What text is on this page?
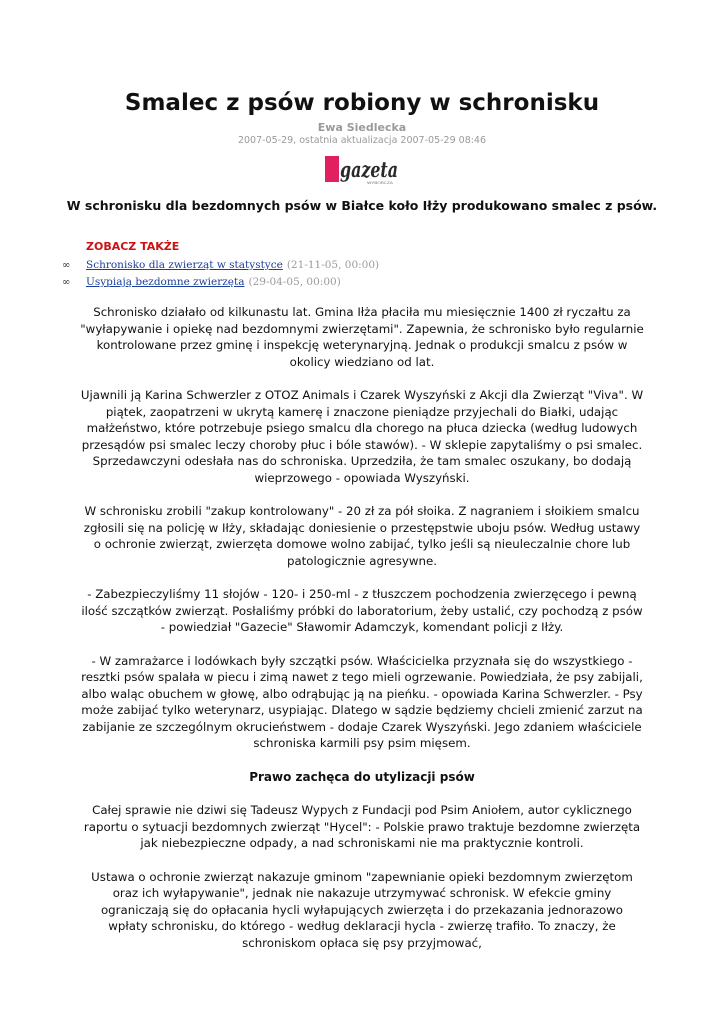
Smalec z psów robiony w schronisku
Ewa Siedlecka
2007-05-29, ostatnia aktualizacja 2007-05-29 08:46
gazeta
WYBORCZA
W schronisku dla bezdomnych psów w Białce koło Iłży produkowano smalec z psów.
ZOBACZ TAKŻE
∞ Schronisko dla zwierząt w statystyce (21-11-05, 00:00)
∞ Usypiają bezdomne zwierzęta (29-04-05, 00:00)

Schronisko działało od kilkunastu lat. Gmina Iłża płaciła mu miesięcznie 1400 zł ryczałtu za "wyłapywanie i opiekę nad bezdomnymi zwierzętami". Zapewnia, że schronisko było regularnie kontrolowane przez gminę i inspekcję weterynaryjną. Jednak o produkcji smalcu z psów w okolicy wiedziano od lat.

Ujawnili ją Karina Schwerzler z OTOZ Animals i Czarek Wyszyński z Akcji dla Zwierząt "Viva". W piątek, zaopatrzeni w ukrytą kamerę i znaczone pieniądze przyjechali do Białki, udając małżeństwo, które potrzebuje psiego smalcu dla chorego na płuca dziecka (według ludowych przesądów psi smalec leczy choroby płuc i bóle stawów). - W sklepie zapytaliśmy o psi smalec. Sprzedawczyni odesłała nas do schroniska. Uprzedziła, że tam smalec oszukany, bo dodają wieprzowego - opowiada Wyszyński.

W schronisku zrobili "zakup kontrolowany" - 20 zł za pół słoika. Z nagraniem i słoikiem smalcu zgłosili się na policję w Iłży, składając doniesienie o przestępstwie uboju psów. Według ustawy o ochronie zwierząt, zwierzęta domowe wolno zabijać, tylko jeśli są nieuleczalnie chore lub patologicznie agresywne.

- Zabezpieczyliśmy 11 słojów - 120- i 250-ml - z tłuszczem pochodzenia zwierzęcego i pewną ilość szczątków zwierząt. Posłaliśmy próbki do laboratorium, żeby ustalić, czy pochodzą z psów - powiedział "Gazecie" Sławomir Adamczyk, komendant policji z Iłży.

- W zamrażarce i lodówkach były szczątki psów. Właścicielka przyznała się do wszystkiego - resztki psów spalała w piecu i zimą nawet z tego mieli ogrzewanie. Powiedziała, że psy zabijali, albo waląc obuchem w głowę, albo odrąbując ją na pieńku. - opowiada Karina Schwerzler. - Psy może zabijać tylko weterynarz, usypiając. Dlatego w sądzie będziemy chcieli zmienić zarzut na zabijanie ze szczególnym okrucieństwem - dodaje Czarek Wyszyński. Jego zdaniem właściciele schroniska karmili psy psim mięsem.

Prawo zachęca do utylizacji psów

Całej sprawie nie dziwi się Tadeusz Wypych z Fundacji pod Psim Aniołem, autor cyklicznego raportu o sytuacji bezdomnych zwierząt "Hycel": - Polskie prawo traktuje bezdomne zwierzęta jak niebezpieczne odpady, a nad schroniskami nie ma praktycznie kontroli.

Ustawa o ochronie zwierząt nakazuje gminom "zapewnianie opieki bezdomnym zwierzętom oraz ich wyłapywanie", jednak nie nakazuje utrzymywać schronisk. W efekcie gminy ograniczają się do opłacania hycli wyłapujących zwierzęta i do przekazania jednorazowo wpłaty schronisku, do którego - według deklaracji hycla - zwierzę trafiło. To znaczy, że schroniskom opłaca się psy przyjmować,
